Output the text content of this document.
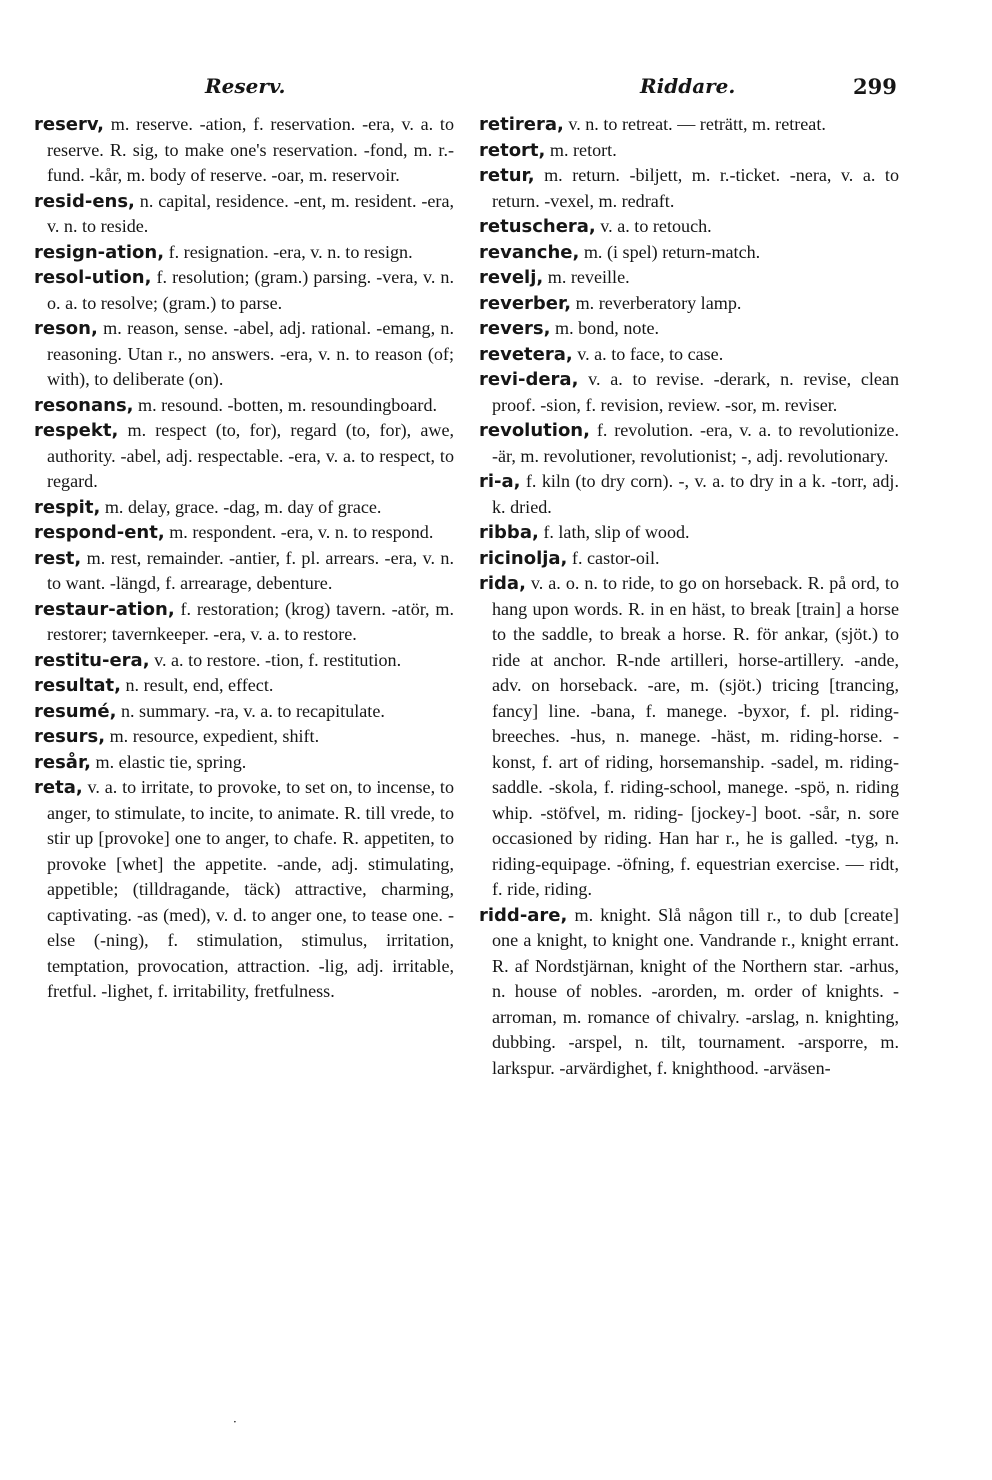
Reserv.	Riddare.	299

reserv, m. reserve. -ation, f. reservation. -era, v. a. to reserve. R. sig, to make one's reservation. -fond, m. r.-fund. -kår, m. body of reserve. -oar, m. reservoir.

resid-ens, n. capital, residence. -ent, m. resident. -era, v. n. to reside.

resign-ation, f. resignation. -era, v. n. to resign.

resol-ution, f. resolution; (gram.) parsing. -vera, v. n. o. a. to resolve; (gram.) to parse.

reson, m. reason, sense. -abel, adj. rational. -emang, n. reasoning. Utan r., no answers. -era, v. n. to reason (of; with), to deliberate (on).

resonans, m. resound. -botten, m. resoundingboard.

respekt, m. respect (to, for), regard (to, for), awe, authority. -abel, adj. respectable. -era, v. a. to respect, to regard.

respit, m. delay, grace. -dag, m. day of grace.

respond-ent, m. respondent. -era, v. n. to respond.

rest, m. rest, remainder. -antier, f. pl. arrears. -era, v. n. to want. -längd, f. arrearage, debenture.

restaur-ation, f. restoration; (krog) tavern. -atör, m. restorer; tavernkeeper. -era, v. a. to restore.

restitu-era, v. a. to restore. -tion, f. restitution.

resultat, n. result, end, effect.

resumé, n. summary. -ra, v. a. to recapitulate.

resurs, m. resource, expedient, shift.

resår, m. elastic tie, spring.

reta, v. a. to irritate, to provoke, to set on, to incense, to anger, to stimulate, to incite, to animate. R. till vrede, to stir up [provoke] one to anger, to chafe. R. appetiten, to provoke [whet] the appetite. -ande, adj. stimulating, appetible; (tilldragande, täck) attractive, charming, captivating. -as (med), v. d. to anger one, to tease one. -else (-ning), f. stimulation, stimulus, irritation, temptation, provocation, attraction. -lig, adj. irritable, fretful. -lighet, f. irritability, fretfulness.

retirera, v. n. to retreat. — reträtt, m. retreat.

retort, m. retort.

retur, m. return. -biljett, m. r.-ticket. -nera, v. a. to return. -vexel, m. redraft.

retuschera, v. a. to retouch.

revanche, m. (i spel) return-match.

revelj, m. reveille.

reverber, m. reverberatory lamp.

revers, m. bond, note.

revetera, v. a. to face, to case.

revi-dera, v. a. to revise. -derark, n. revise, clean proof. -sion, f. revision, review. -sor, m. reviser.

revolution, f. revolution. -era, v. a. to revolutionize. -är, m. revolutioner, revolutionist; -, adj. revolutionary.

ri-a, f. kiln (to dry corn). -, v. a. to dry in a k. -torr, adj. k. dried.

ribba, f. lath, slip of wood.

ricinolja, f. castor-oil.

rida, v. a. o. n. to ride, to go on horseback. R. på ord, to hang upon words. R. in en häst, to break [train] a horse to the saddle, to break a horse. R. för ankar, (sjöt.) to ride at anchor. R-nde artilleri, horse-artillery. -ande, adv. on horseback. -are, m. (sjöt.) tricing [trancing, fancy] line. -bana, f. manege. -byxor, f. pl. riding-breeches. -hus, n. manege. -häst, m. riding-horse. -konst, f. art of riding, horsemanship. -sadel, m. riding-saddle. -skola, f. riding-school, manege. -spö, n. riding whip. -stöfvel, m. riding- [jockey-] boot. -sår, n. sore occasioned by riding. Han har r., he is galled. -tyg, n. riding-equipage. -öfning, f. equestrian exercise. — ridt, f. ride, riding.

ridd-are, m. knight. Slå någon till r., to dub [create] one a knight, to knight one. Vandrande r., knight errant. R. af Nordstjärnan, knight of the Northern star. -arhus, n. house of nobles. -arorden, m. order of knights. -arroman, m. romance of chivalry. -arslag, n. knighting, dubbing. -arspel, n. tilt, tournament. -arsporre, m. larkspur. -arvärdighet, f. knighthood. -arväsen-

·
